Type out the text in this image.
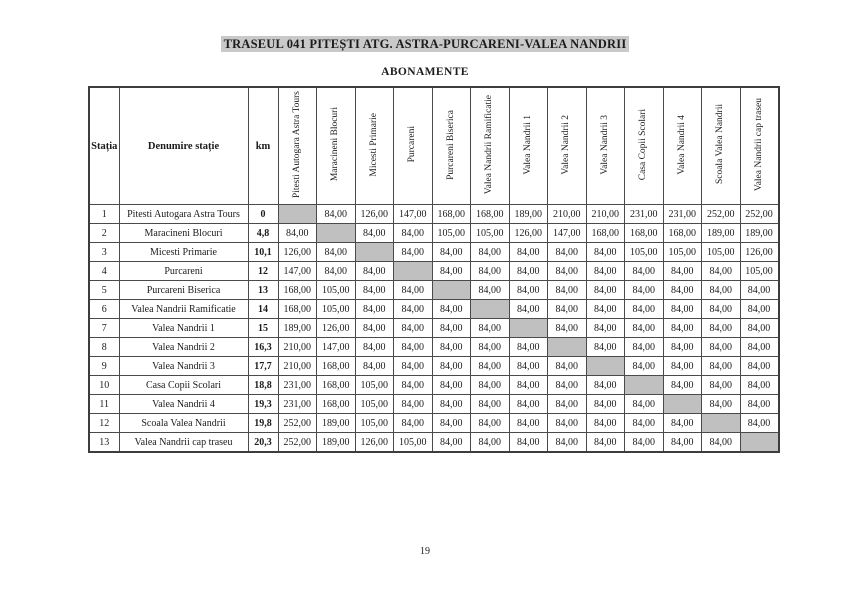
TRASEUL 041 PITEȘTI ATG. ASTRA-PURCARENI-VALEA NANDRII
ABONAMENTE
Stația	Denumire stație	km	Pitesti Autogara Astra Tours	Maracineni Blocuri	Micesti Primarie	Purcareni	Purcareni Biserica	Valea Nandrii Ramificatie	Valea Nandrii 1	Valea Nandrii 2	Valea Nandrii 3	Casa Copii Scolari	Valea Nandrii 4	Scoala Valea Nandrii	Valea Nandrii cap traseu
1	Pitesti Autogara Astra Tours	0		84,00	126,00	147,00	168,00	168,00	189,00	210,00	210,00	231,00	231,00	252,00	252,00
2	Maracineni Blocuri	4,8	84,00		84,00	84,00	105,00	105,00	126,00	147,00	168,00	168,00	168,00	189,00	189,00
3	Micesti Primarie	10,1	126,00	84,00		84,00	84,00	84,00	84,00	84,00	84,00	105,00	105,00	105,00	126,00
4	Purcareni	12	147,00	84,00	84,00		84,00	84,00	84,00	84,00	84,00	84,00	84,00	84,00	105,00
5	Purcareni Biserica	13	168,00	105,00	84,00	84,00		84,00	84,00	84,00	84,00	84,00	84,00	84,00	84,00
6	Valea Nandrii Ramificatie	14	168,00	105,00	84,00	84,00	84,00		84,00	84,00	84,00	84,00	84,00	84,00	84,00
7	Valea Nandrii 1	15	189,00	126,00	84,00	84,00	84,00	84,00		84,00	84,00	84,00	84,00	84,00	84,00
8	Valea Nandrii 2	16,3	210,00	147,00	84,00	84,00	84,00	84,00	84,00		84,00	84,00	84,00	84,00	84,00
9	Valea Nandrii 3	17,7	210,00	168,00	84,00	84,00	84,00	84,00	84,00	84,00		84,00	84,00	84,00	84,00
10	Casa Copii Scolari	18,8	231,00	168,00	105,00	84,00	84,00	84,00	84,00	84,00	84,00		84,00	84,00	84,00
11	Valea Nandrii 4	19,3	231,00	168,00	105,00	84,00	84,00	84,00	84,00	84,00	84,00	84,00		84,00	84,00
12	Scoala Valea Nandrii	19,8	252,00	189,00	105,00	84,00	84,00	84,00	84,00	84,00	84,00	84,00	84,00		84,00
13	Valea Nandrii cap traseu	20,3	252,00	189,00	126,00	105,00	84,00	84,00	84,00	84,00	84,00	84,00	84,00	84,00	
19
